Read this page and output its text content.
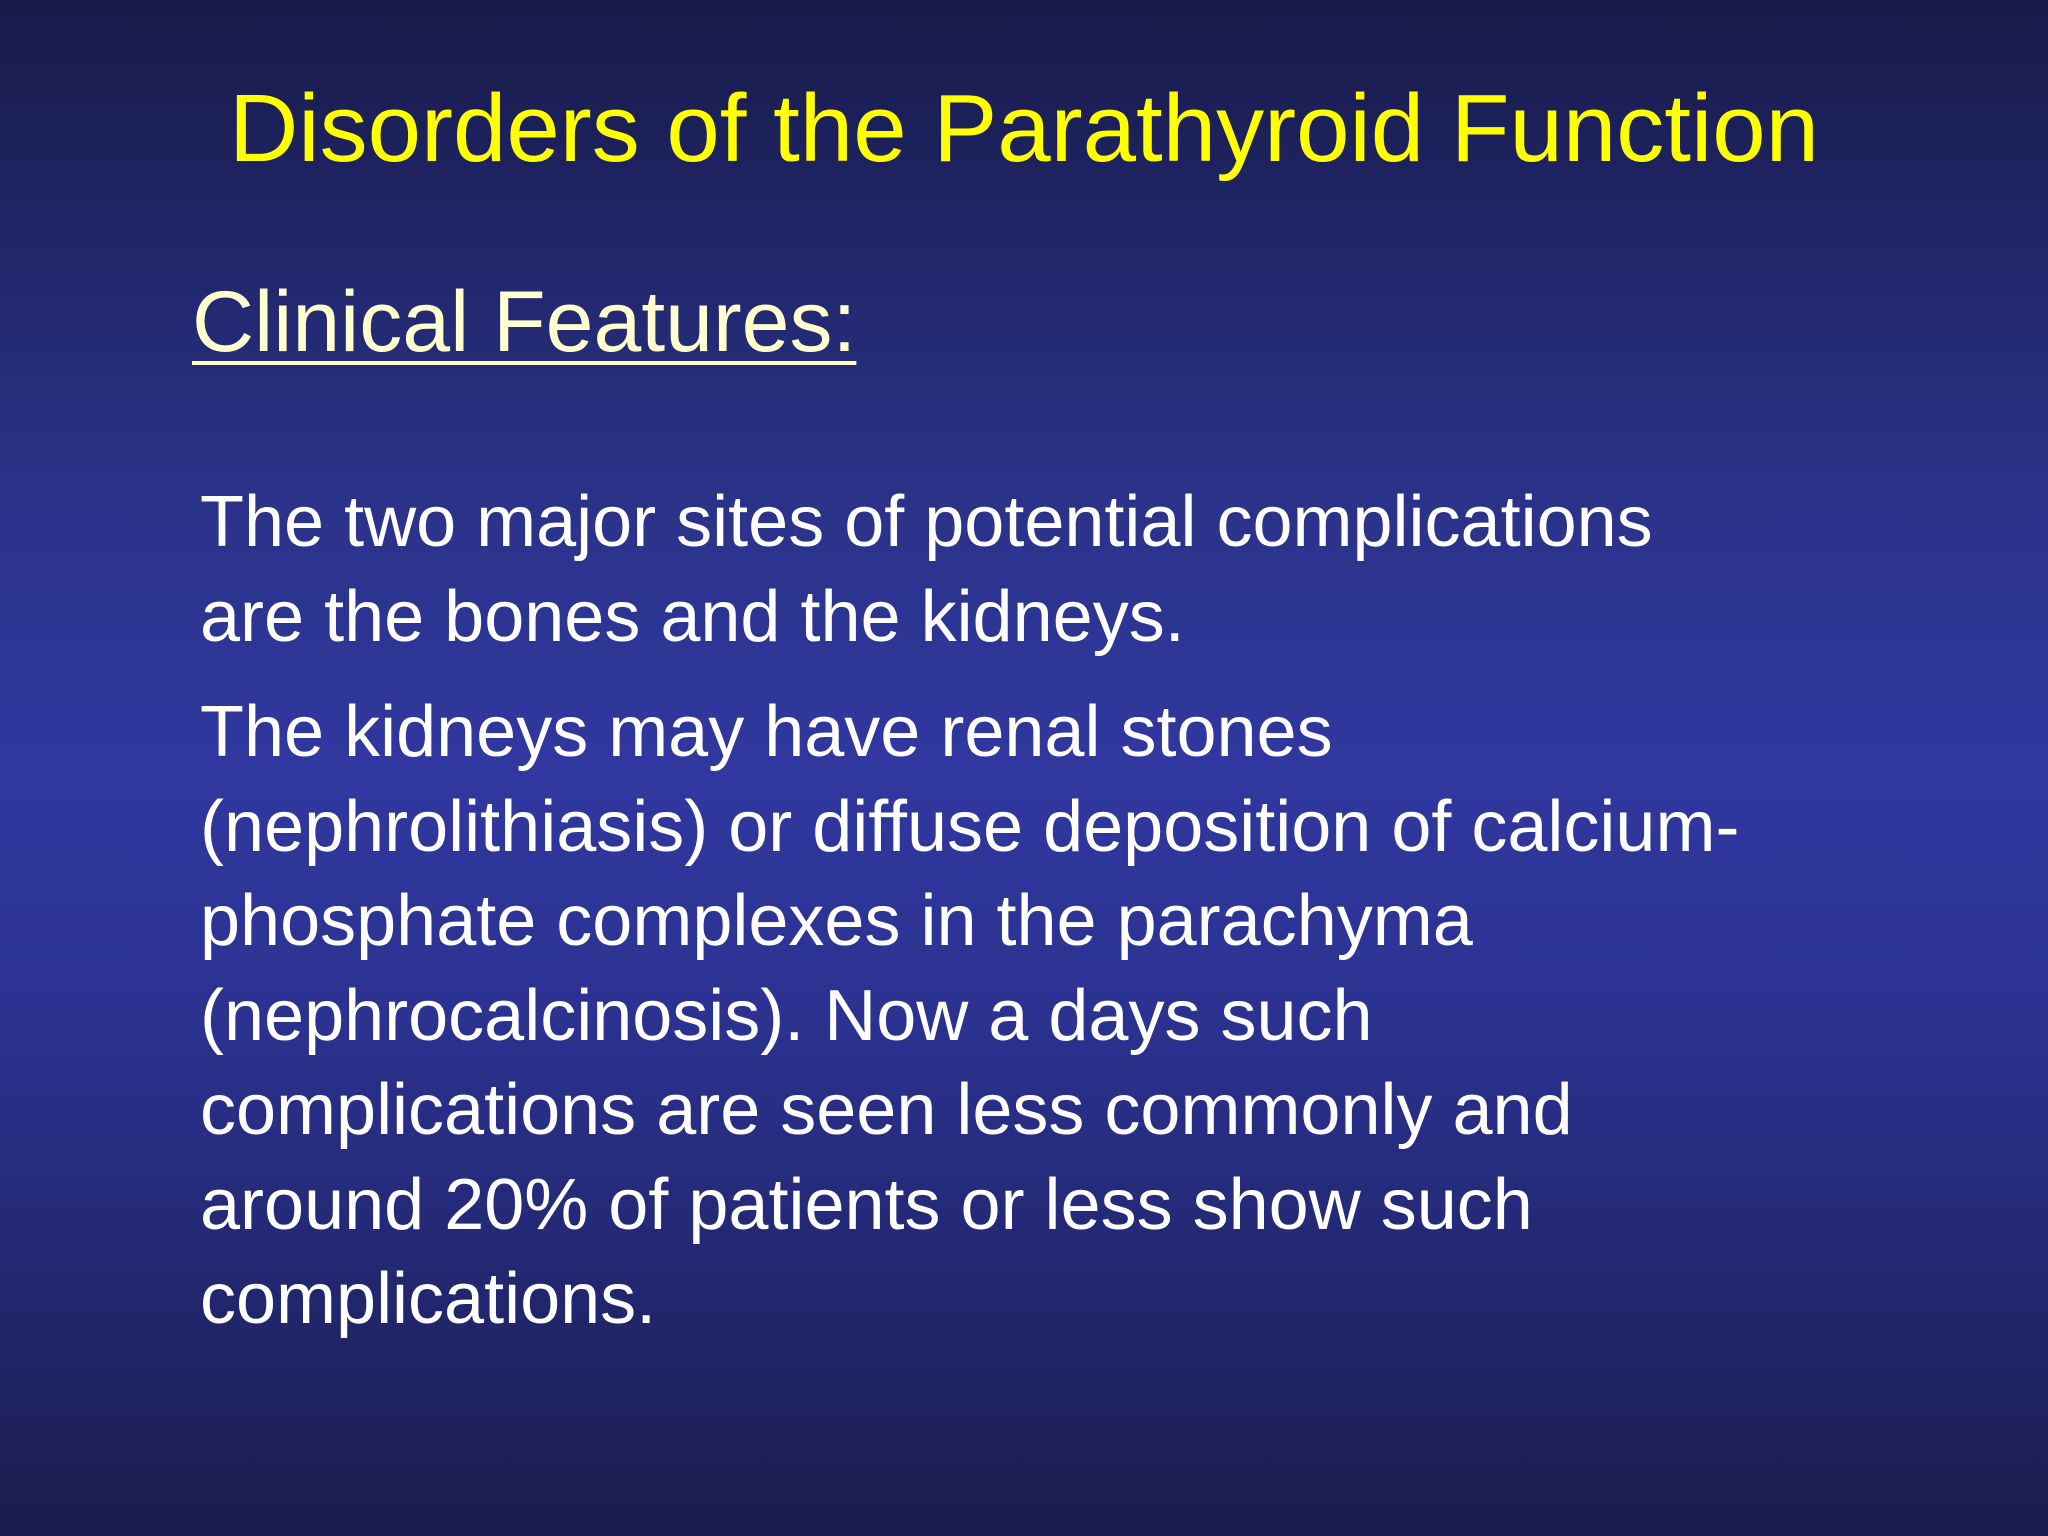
Disorders of the Parathyroid Function
Clinical Features:

The two major sites of potential complications
are the bones and the kidneys.

The kidneys may have renal stones
(nephrolithiasis) or diffuse deposition of calcium-
phosphate complexes in the parachyma
(nephrocalcinosis). Now a days such
complications are seen less commonly and
around 20% of patients or less show such
complications.
